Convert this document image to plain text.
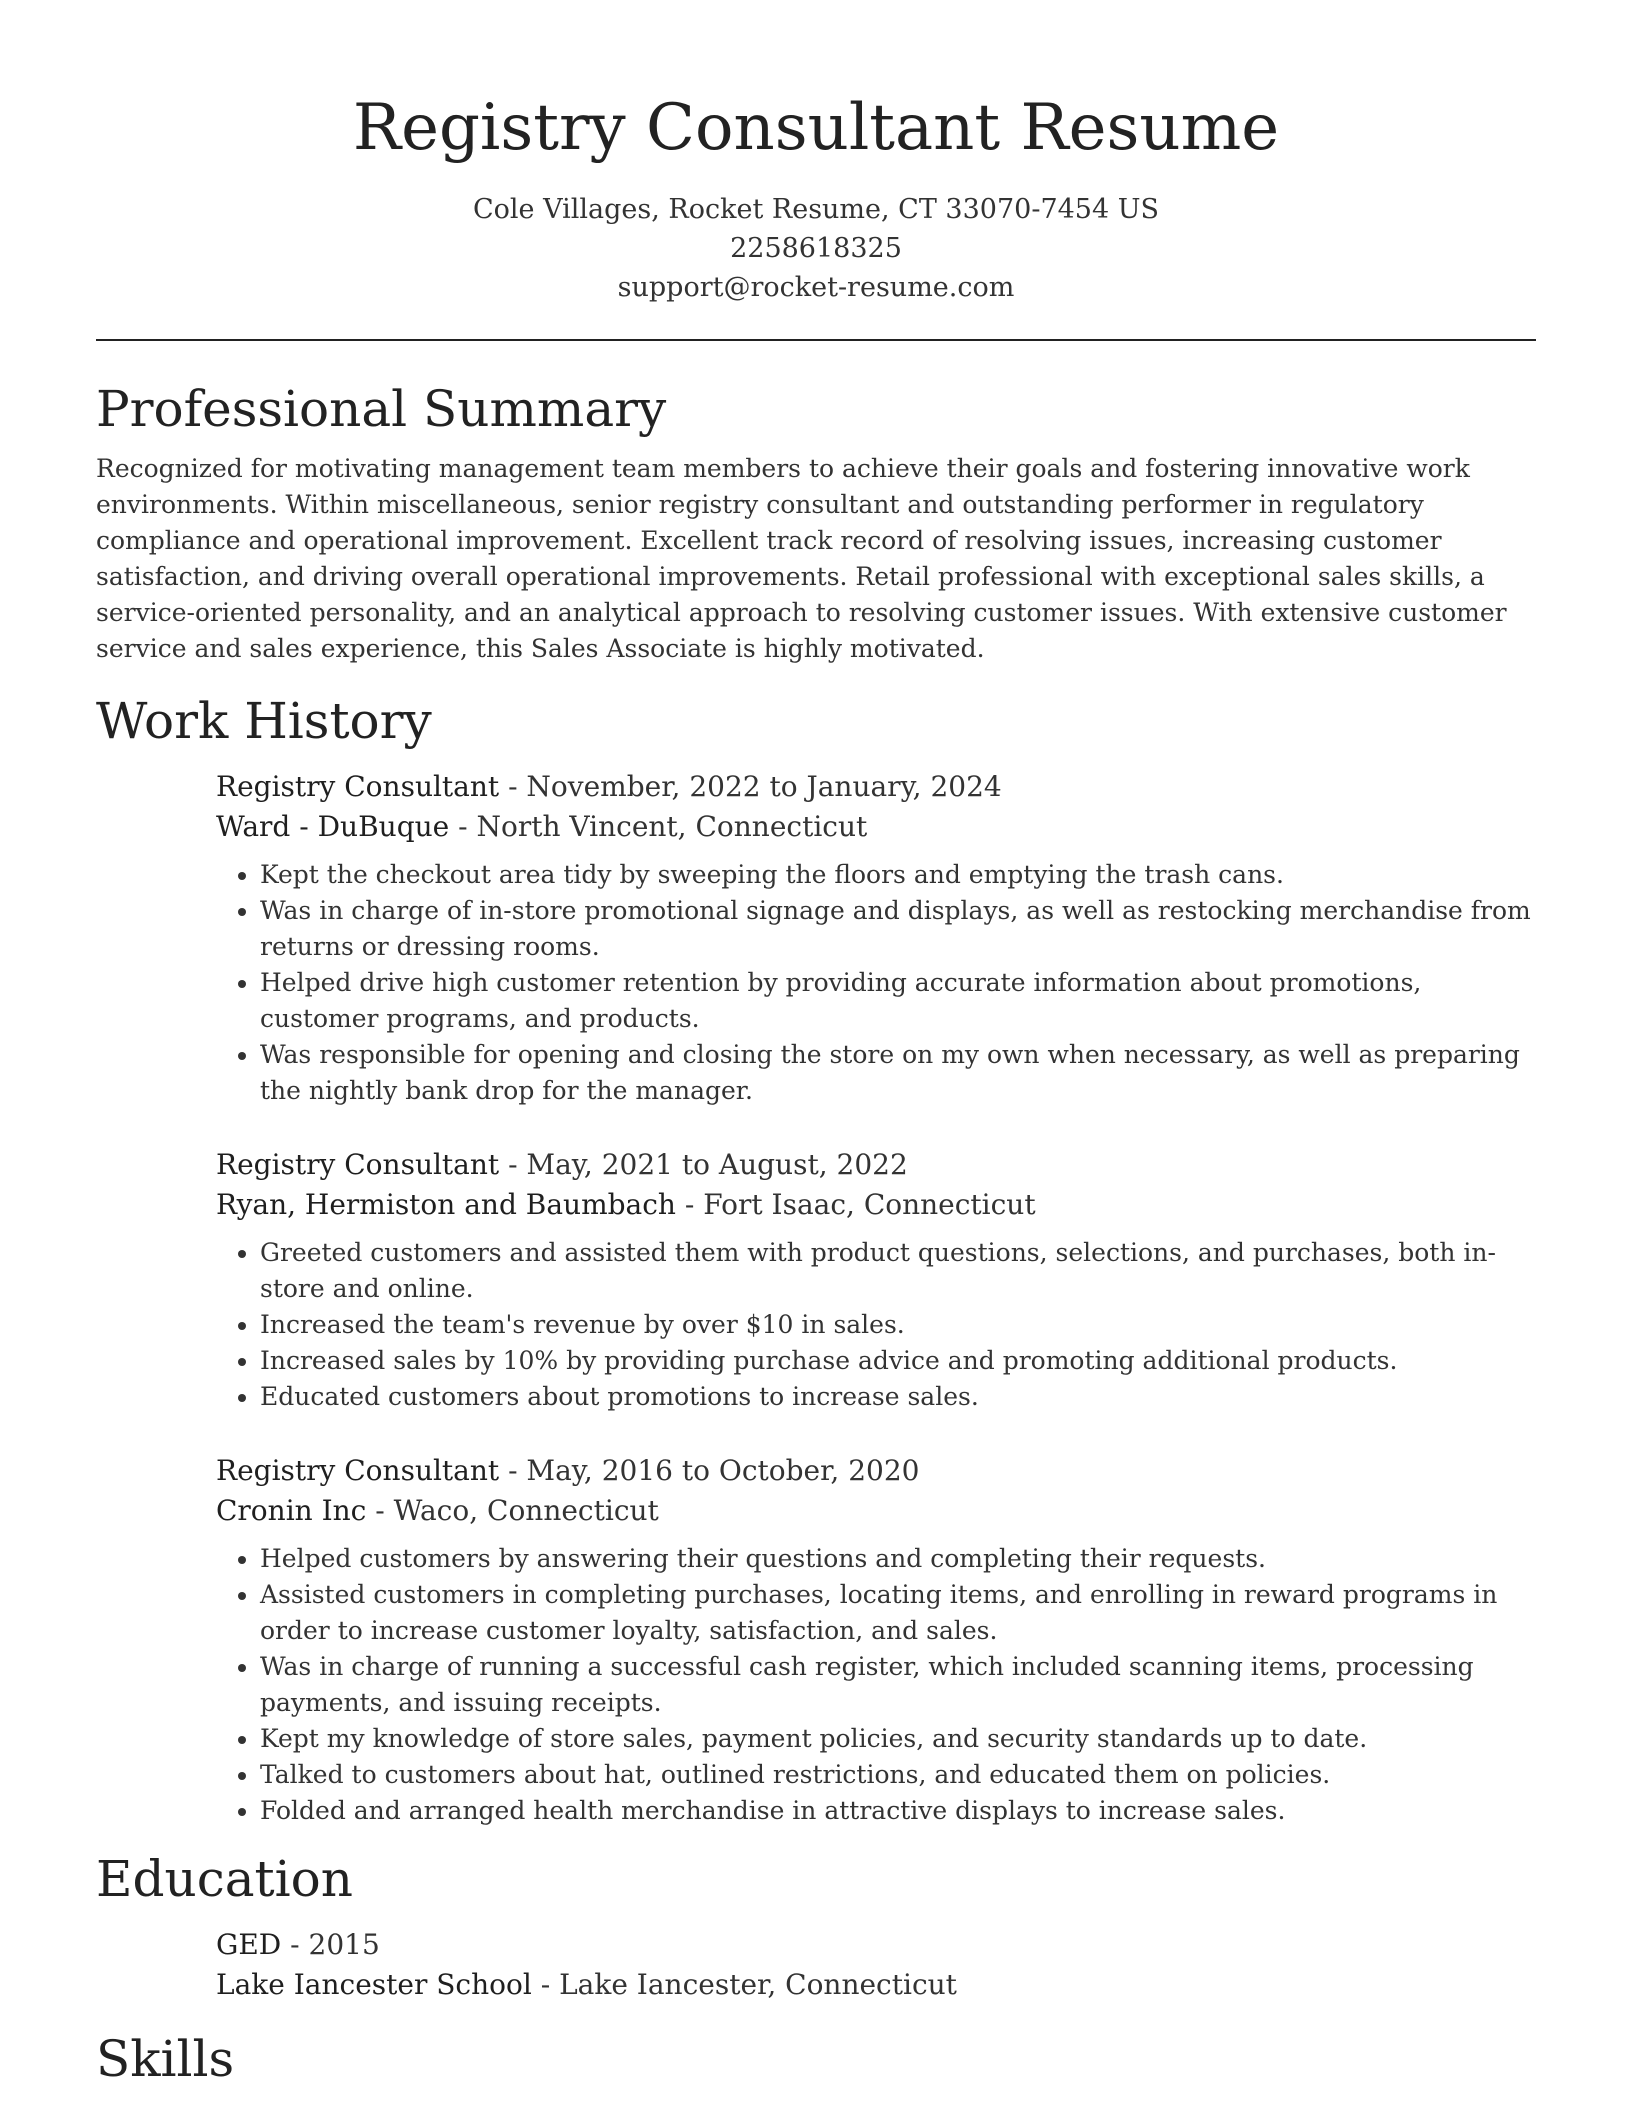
Registry Consultant Resume
Cole Villages, Rocket Resume, CT 33070-7454 US
2258618325
support@rocket-resume.com
Professional Summary

Recognized for motivating management team members to achieve their goals and fostering innovative work environments. Within miscellaneous, senior registry consultant and outstanding performer in regulatory compliance and operational improvement. Excellent track record of resolving issues, increasing customer satisfaction, and driving overall operational improvements. Retail professional with exceptional sales skills, a service-oriented personality, and an analytical approach to resolving customer issues. With extensive customer service and sales experience, this Sales Associate is highly motivated.

Work History
Registry Consultant - November, 2022 to January, 2024
Ward - DuBuque - North Vincent, Connecticut
• Kept the checkout area tidy by sweeping the floors and emptying the trash cans.
• Was in charge of in-store promotional signage and displays, as well as restocking merchandise from returns or dressing rooms.
• Helped drive high customer retention by providing accurate information about promotions, customer programs, and products.
• Was responsible for opening and closing the store on my own when necessary, as well as preparing the nightly bank drop for the manager.
Registry Consultant - May, 2021 to August, 2022
Ryan, Hermiston and Baumbach - Fort Isaac, Connecticut
• Greeted customers and assisted them with product questions, selections, and purchases, both in-store and online.
• Increased the team's revenue by over $10 in sales.
• Increased sales by 10% by providing purchase advice and promoting additional products.
• Educated customers about promotions to increase sales.
Registry Consultant - May, 2016 to October, 2020
Cronin Inc - Waco, Connecticut
• Helped customers by answering their questions and completing their requests.
• Assisted customers in completing purchases, locating items, and enrolling in reward programs in order to increase customer loyalty, satisfaction, and sales.
• Was in charge of running a successful cash register, which included scanning items, processing payments, and issuing receipts.
• Kept my knowledge of store sales, payment policies, and security standards up to date.
• Talked to customers about hat, outlined restrictions, and educated them on policies.
• Folded and arranged health merchandise in attractive displays to increase sales.
Education
GED - 2015
Lake Iancester School - Lake Iancester, Connecticut
Skills
